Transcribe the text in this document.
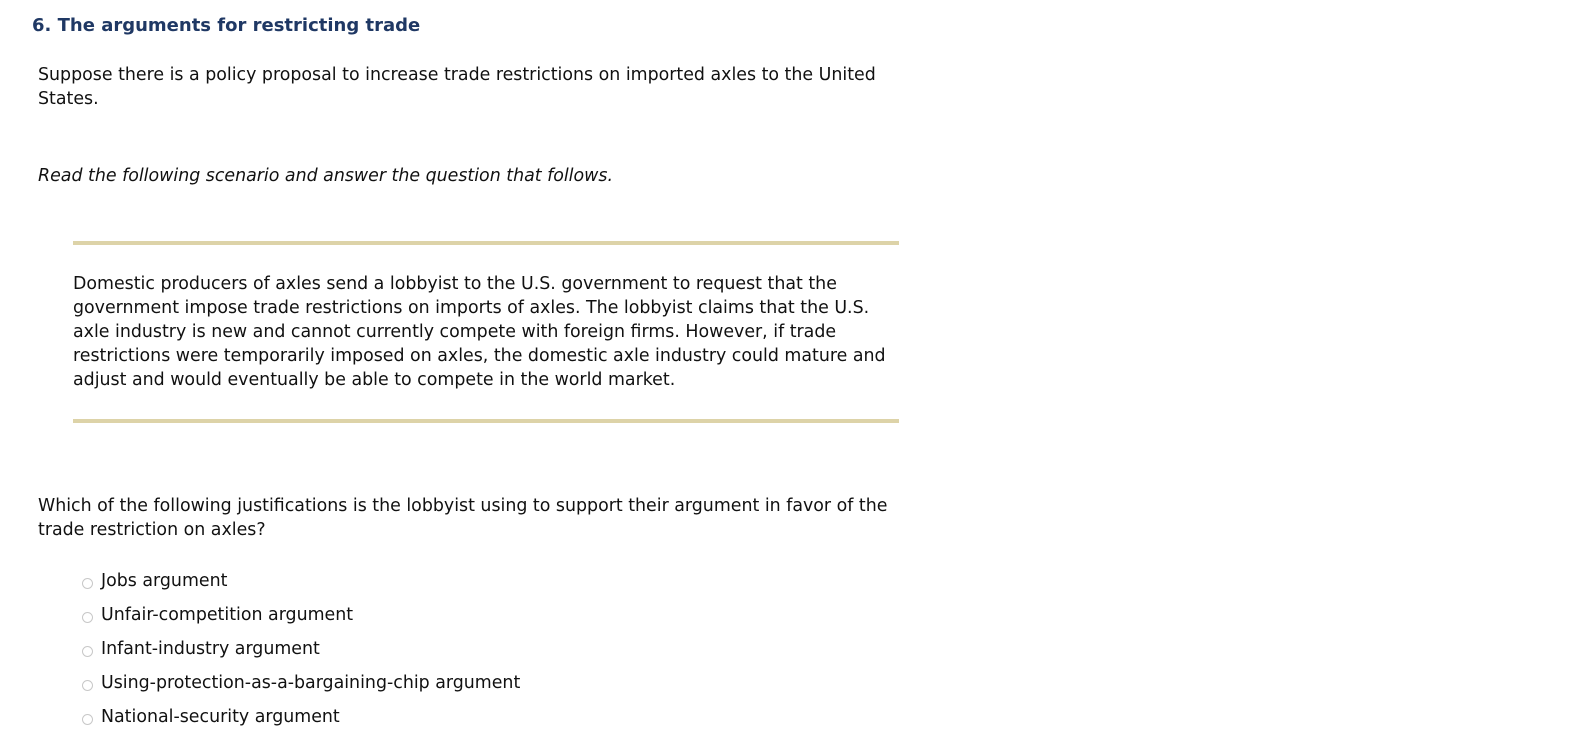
6. The arguments for restricting trade

Suppose there is a policy proposal to increase trade restrictions on imported axles to the United States.

Read the following scenario and answer the question that follows.

Domestic producers of axles send a lobbyist to the U.S. government to request that the government impose trade restrictions on imports of axles. The lobbyist claims that the U.S. axle industry is new and cannot currently compete with foreign firms. However, if trade restrictions were temporarily imposed on axles, the domestic axle industry could mature and adjust and would eventually be able to compete in the world market.

Which of the following justifications is the lobbyist using to support their argument in favor of the trade restriction on axles?

Jobs argument
Unfair-competition argument
Infant-industry argument
Using-protection-as-a-bargaining-chip argument
National-security argument
